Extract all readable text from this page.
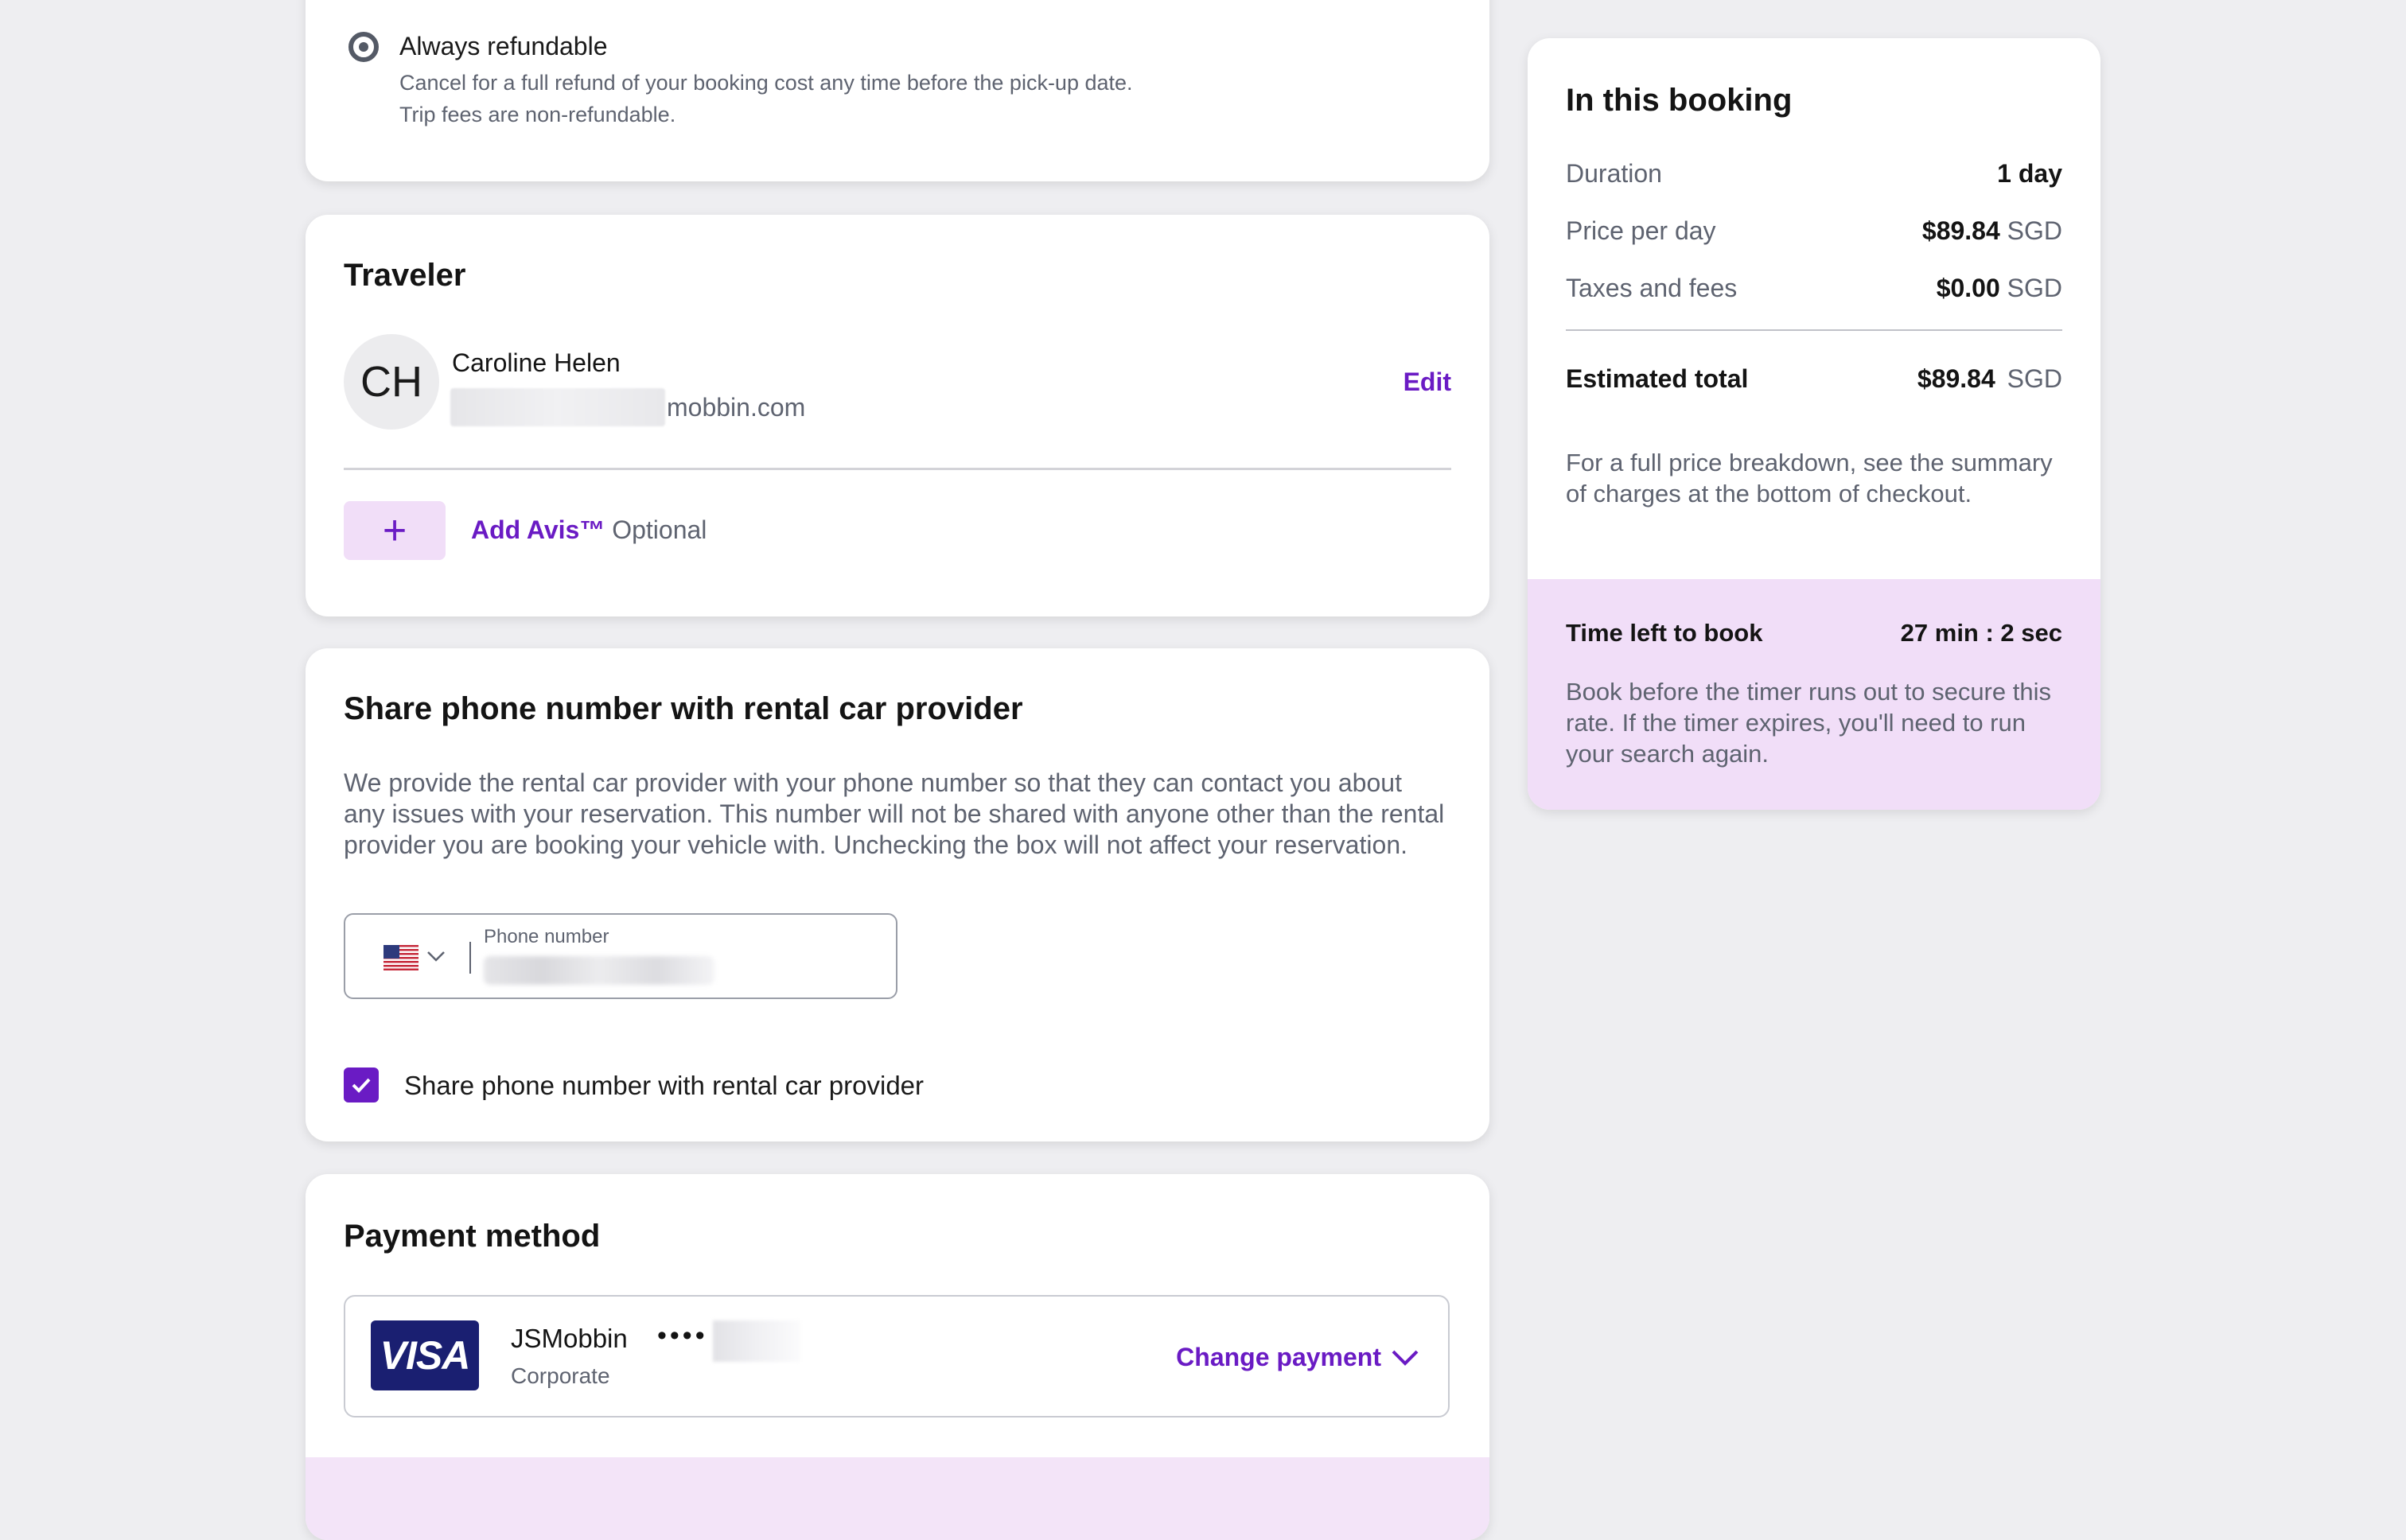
Always refundable
Cancel for a full refund of your booking cost any time before the pick-up date.
Trip fees are non-refundable.
Traveler
CH	Caroline Helen
mobbin.com
Edit
+	Add Avis™ Optional
Share phone number with rental car provider
We provide the rental car provider with your phone number so that they can contact you about any issues with your reservation. This number will not be shared with anyone other than the rental provider you are booking your vehicle with. Unchecking the box will not affect your reservation.
Phone number
Share phone number with rental car provider
Payment method
VISA	JSMobbin ••••
Corporate
Change payment
In this booking
Duration	1 day
Price per day	$89.84 SGD
Taxes and fees	$0.00 SGD
Estimated total	$89.84 SGD
For a full price breakdown, see the summary of charges at the bottom of checkout.
Time left to book	27 min : 2 sec
Book before the timer runs out to secure this rate. If the timer expires, you'll need to run your search again.
